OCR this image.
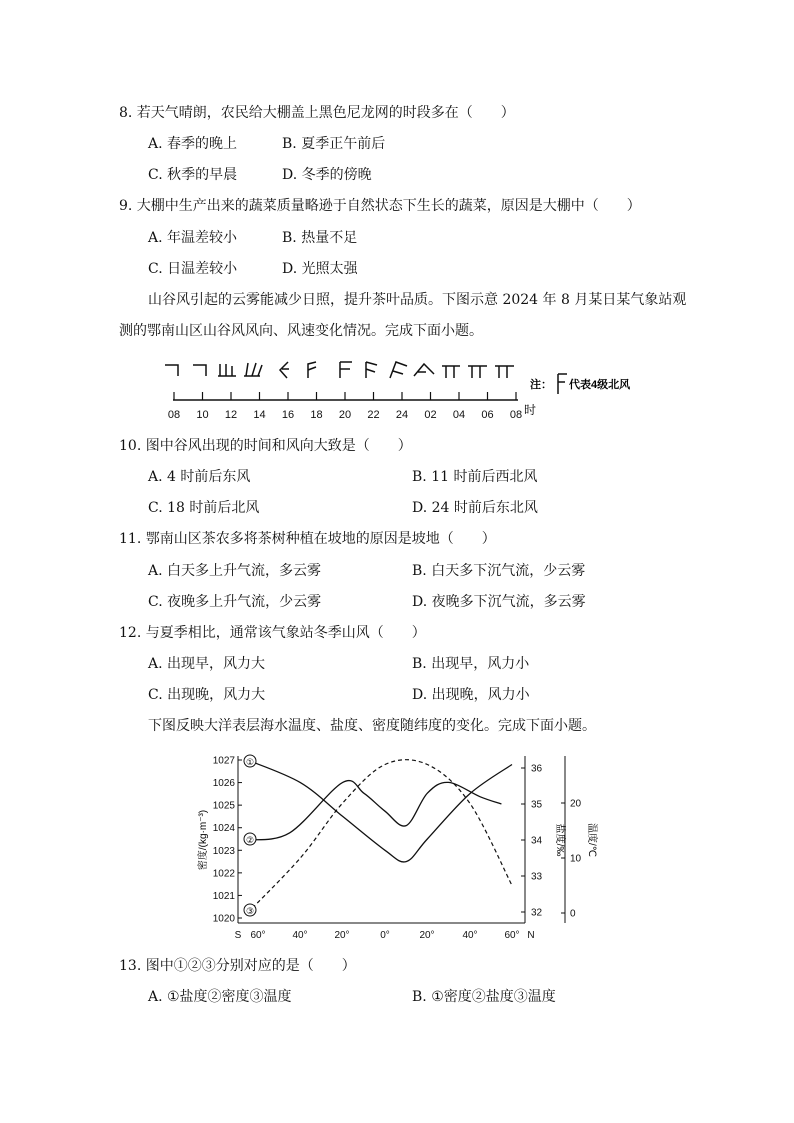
8. 若天气晴朗，农民给大棚盖上黑色尼龙网的时段多在（　　）
A. 春季的晚上	B. 夏季正午前后
C. 秋季的早晨	D. 冬季的傍晚
9. 大棚中生产出来的蔬菜质量略逊于自然状态下生长的蔬菜，原因是大棚中（　　）
A. 年温差较小	B. 热量不足
C. 日温差较小	D. 光照太强
山谷风引起的云雾能减少日照，提升茶叶品质。下图示意 2024 年 8 月某日某气象站观
测的鄂南山区山谷风风向、风速变化情况。完成下面小题。
08 10 12 14 16 18 20 22 24 02 04 06 08 时
注： 代表4级北风
10. 图中谷风出现的时间和风向大致是（　　）
A. 4 时前后东风	B. 11 时前后西北风
C. 18 时前后北风	D. 24 时前后东北风
11. 鄂南山区茶农多将茶树种植在坡地的原因是坡地（　　）
A. 白天多上升气流，多云雾	B. 白天多下沉气流，少云雾
C. 夜晚多上升气流，少云雾	D. 夜晚多下沉气流，多云雾
12. 与夏季相比，通常该气象站冬季山风（　　）
A. 出现早，风力大	B. 出现早，风力小
C. 出现晚，风力大	D. 出现晚，风力小
下图反映大洋表层海水温度、盐度、密度随纬度的变化。完成下面小题。
1027
1026
1025
1024
1023
1022
1021
1020
36
35
34
33
32
20
10
0
S 60°	40°	20°	0°	20°	40°	60° N
密度/(kg·m⁻³)	盐度/‰ 温度/℃
①
②
③
13. 图中①②③分别对应的是（　　）
A. ①盐度②密度③温度	B. ①密度②盐度③温度
